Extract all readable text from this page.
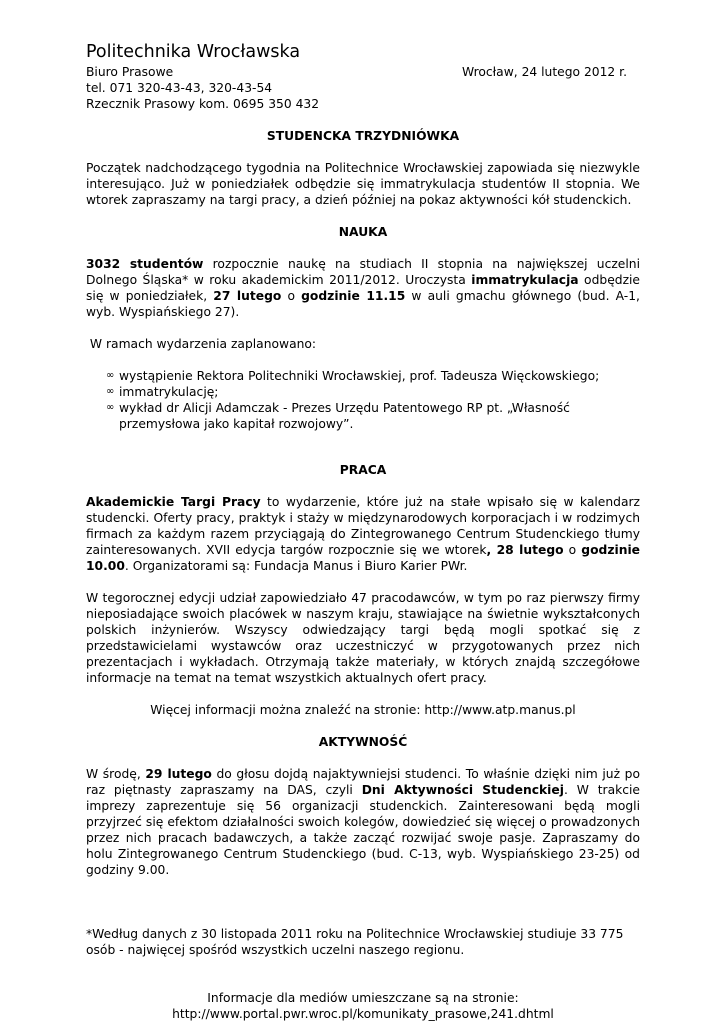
Politechnika Wrocławska
Biuro Prasowe	Wrocław, 24 lutego 2012 r.
tel. 071 320-43-43, 320-43-54
Rzecznik Prasowy kom. 0695 350 432
STUDENCKA TRZYDNIÓWKA

Początek nadchodzącego tygodnia na Politechnice Wrocławskiej zapowiada się niezwykle interesująco. Już w poniedziałek odbędzie się immatrykulacja studentów II stopnia. We wtorek zapraszamy na targi pracy, a dzień później na pokaz aktywności kół studenckich.

NAUKA

3032 studentów rozpocznie naukę na studiach II stopnia na największej uczelni Dolnego Śląska* w roku akademickim 2011/2012. Uroczysta immatrykulacja odbędzie się w poniedziałek, 27 lutego o godzinie 11.15 w auli gmachu głównego (bud. A-1, wyb. Wyspiańskiego 27).

W ramach wydarzenia zaplanowano:

∞ wystąpienie Rektora Politechniki Wrocławskiej, prof. Tadeusza Więckowskiego;
∞ immatrykulację;
∞ wykład dr Alicji Adamczak - Prezes Urzędu Patentowego RP pt. „Własność przemysłowa jako kapitał rozwojowy”.
PRACA

Akademickie Targi Pracy to wydarzenie, które już na stałe wpisało się w kalendarz studencki. Oferty pracy, praktyk i staży w międzynarodowych korporacjach i w rodzimych firmach za każdym razem przyciągają do Zintegrowanego Centrum Studenckiego tłumy zainteresowanych. XVII edycja targów rozpocznie się we wtorek, 28 lutego o godzinie 10.00. Organizatorami są: Fundacja Manus i Biuro Karier PWr.

W tegorocznej edycji udział zapowiedziało 47 pracodawców, w tym po raz pierwszy firmy nieposiadające swoich placówek w naszym kraju, stawiające na świetnie wykształconych polskich inżynierów. Wszyscy odwiedzający targi będą mogli spotkać się z przedstawicielami wystawców oraz uczestniczyć w przygotowanych przez nich prezentacjach i wykładach. Otrzymają także materiały, w których znajdą szczegółowe informacje na temat na temat wszystkich aktualnych ofert pracy.

Więcej informacji można znaleźć na stronie: http://www.atp.manus.pl

AKTYWNOŚĆ

W środę, 29 lutego do głosu dojdą najaktywniejsi studenci. To właśnie dzięki nim już po raz piętnasty zapraszamy na DAS, czyli Dni Aktywności Studenckiej. W trakcie imprezy zaprezentuje się 56 organizacji studenckich. Zainteresowani będą mogli przyjrzeć się efektom działalności swoich kolegów, dowiedzieć się więcej o prowadzonych przez nich pracach badawczych, a także zacząć rozwijać swoje pasje. Zapraszamy do holu Zintegrowanego Centrum Studenckiego (bud. C-13, wyb. Wyspiańskiego 23-25) od godziny 9.00.

*Według danych z 30 listopada 2011 roku na Politechnice Wrocławskiej studiuje 33 775 osób - najwięcej spośród wszystkich uczelni naszego regionu.

Informacje dla mediów umieszczane są na stronie:

http://www.portal.pwr.wroc.pl/komunikaty_prasowe,241.dhtml
